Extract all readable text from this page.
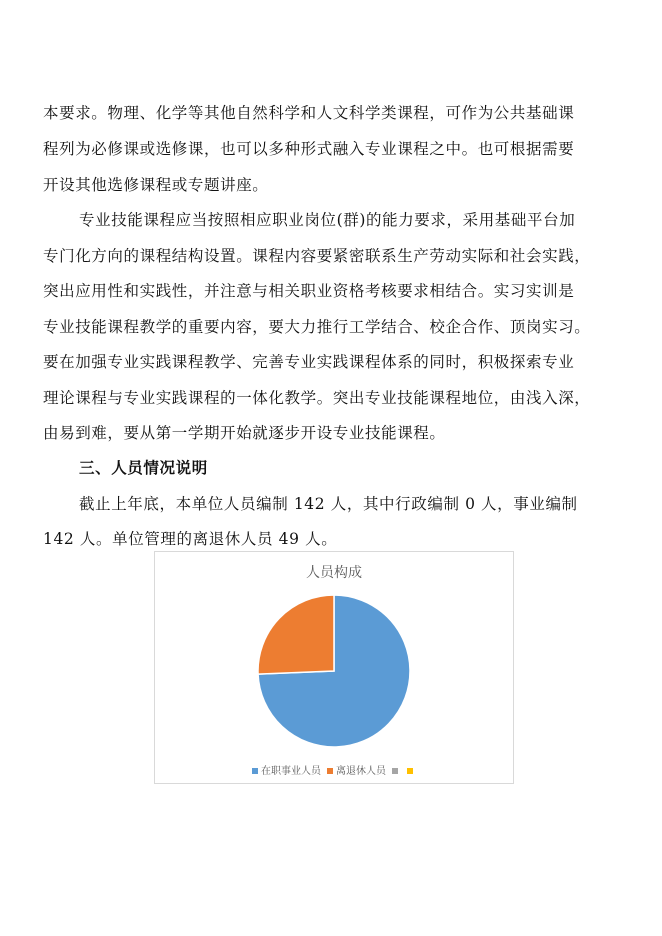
本要求。物理、化学等其他自然科学和人文科学类课程，可作为公共基础课
程列为必修课或选修课，也可以多种形式融入专业课程之中。也可根据需要
开设其他选修课程或专题讲座。
专业技能课程应当按照相应职业岗位(群)的能力要求，采用基础平台加
专门化方向的课程结构设置。课程内容要紧密联系生产劳动实际和社会实践，
突出应用性和实践性，并注意与相关职业资格考核要求相结合。实习实训是
专业技能课程教学的重要内容，要大力推行工学结合、校企合作、顶岗实习。
要在加强专业实践课程教学、完善专业实践课程体系的同时，积极探索专业
理论课程与专业实践课程的一体化教学。突出专业技能课程地位，由浅入深，
由易到难，要从第一学期开始就逐步开设专业技能课程。
三、人员情况说明
截止上年底，本单位人员编制 142 人，其中行政编制 0 人，事业编制
142 人。单位管理的离退休人员 49 人。
人员构成
在职事业人员 离退休人员
